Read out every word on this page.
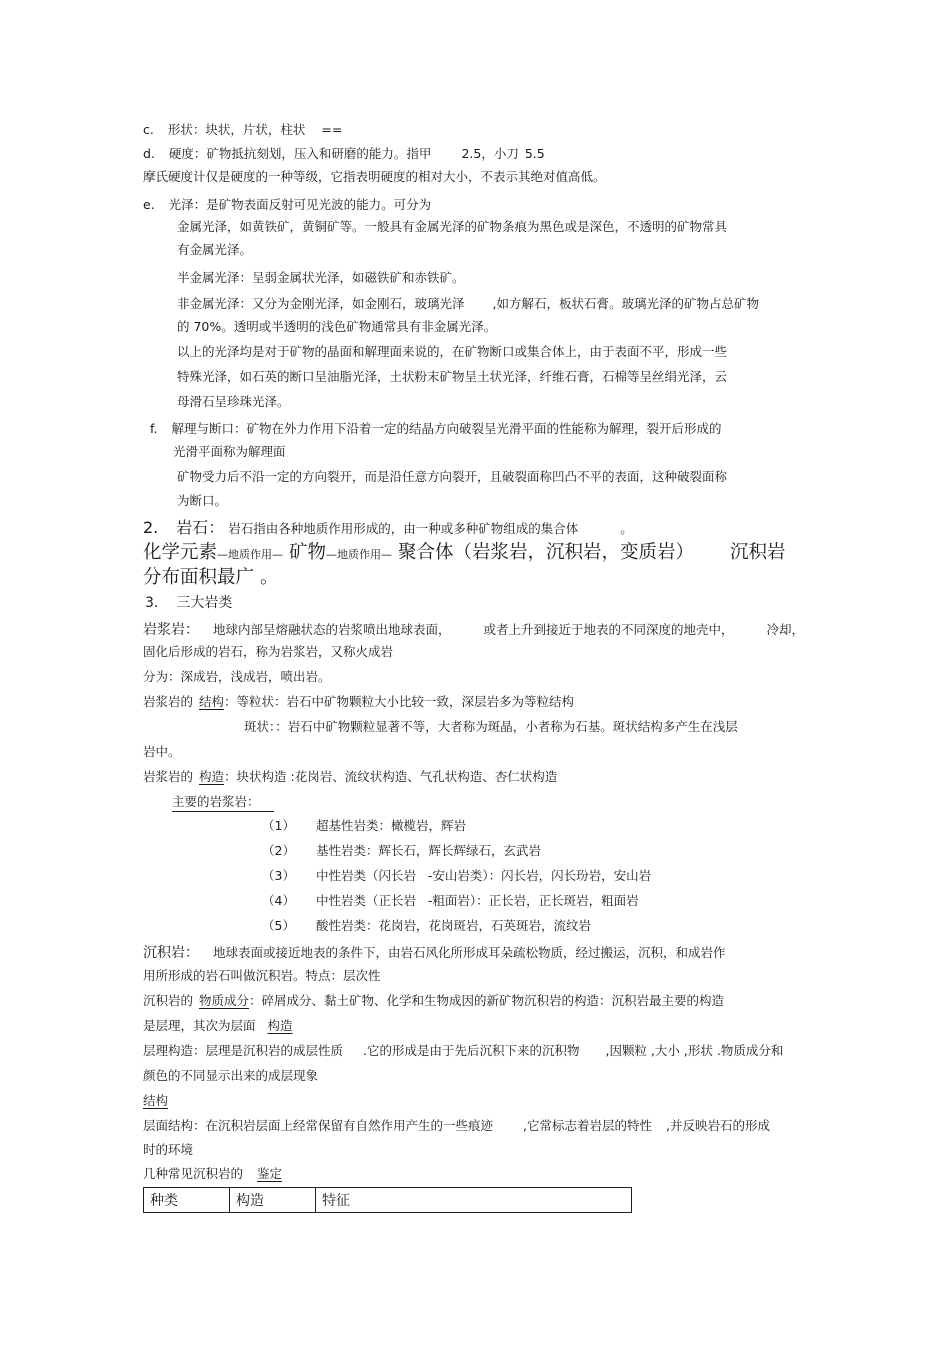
c. 形状：块状，片状，柱状 ==
d. 硬度：矿物抵抗刻划，压入和研磨的能力。指甲 2.5，小刀 5.5
摩氏硬度计仅是硬度的一种等级，它指表明硬度的相对大小，不表示其绝对值高低。
e. 光泽：是矿物表面反射可见光波的能力。可分为
金属光泽，如黄铁矿，黄铜矿等。一般具有金属光泽的矿物条痕为黑色或是深色，不透明的矿物常具
有金属光泽。
半金属光泽：呈弱金属状光泽，如磁铁矿和赤铁矿。
非金属光泽：又分为金刚光泽，如金刚石，玻璃光泽 ,如方解石，板状石膏。玻璃光泽的矿物占总矿物
的 70%。透明或半透明的浅色矿物通常具有非金属光泽。
以上的光泽均是对于矿物的晶面和解理面来说的，在矿物断口或集合体上，由于表面不平，形成一些
特殊光泽，如石英的断口呈油脂光泽，土状粉末矿物呈土状光泽，纤维石膏，石棉等呈丝绢光泽，云
母滑石呈珍珠光泽。
f. 解理与断口：矿物在外力作用下沿着一定的结晶方向破裂呈光滑平面的性能称为解理，裂开后形成的
光滑平面称为解理面
矿物受力后不沿一定的方向裂开，而是沿任意方向裂开，且破裂面称凹凸不平的表面，这种破裂面称
为断口。
2. 岩石： 岩石指由各种地质作用形成的，由一种或多种矿物组成的集合体	。
化学元素—地质作用— 矿物—地质作用— 聚合体（岩浆岩，沉积岩，变质岩） 沉积岩
分布面积最广 。
3. 三大岩类
岩浆岩： 地球内部呈熔融状态的岩浆喷出地球表面，	或者上升到接近于地表的不同深度的地壳中，	冷却，
固化后形成的岩石，称为岩浆岩，又称火成岩
分为：深成岩，浅成岩，喷出岩。
岩浆岩的 结构：等粒状：岩石中矿物颗粒大小比较一致，深层岩多为等粒结构
斑状：：岩石中矿物颗粒显著不等，大者称为斑晶，小者称为石基。斑状结构多产生在浅层
岩中。
岩浆岩的 构造：块状构造 :花岗岩、流纹状构造、气孔状构造、杏仁状构造
主要的岩浆岩：
（1） 超基性岩类：橄榄岩，辉岩
（2） 基性岩类：辉长石，辉长辉绿石，玄武岩
（3） 中性岩类（闪长岩   -安山岩类）：闪长岩，闪长玢岩，安山岩
（4） 中性岩类（正长岩   -粗面岩）：正长岩，正长斑岩，粗面岩
（5） 酸性岩类：花岗岩，花岗斑岩，石英斑岩，流纹岩
沉积岩： 地球表面或接近地表的条件下，由岩石风化所形成耳朵疏松物质，经过搬运，沉积，和成岩作
用所形成的岩石叫做沉积岩。特点：层次性
沉积岩的 物质成分：碎屑成分、黏土矿物、化学和生物成因的新矿物沉积岩的构造：沉积岩最主要的构造
是层理，其次为层面 构造
层理构造：层理是沉积岩的成层性质 .它的形成是由于先后沉积下来的沉积物 ,因颗粒 ,大小 ,形状 .物质成分和
颜色的不同显示出来的成层现象
结构
层面结构：在沉积岩层面上经常保留有自然作用产生的一些痕迹 ,它常标志着岩层的特性 ,并反映岩石的形成
时的环境
几种常见沉积岩的 鉴定
种类	构造	特征
